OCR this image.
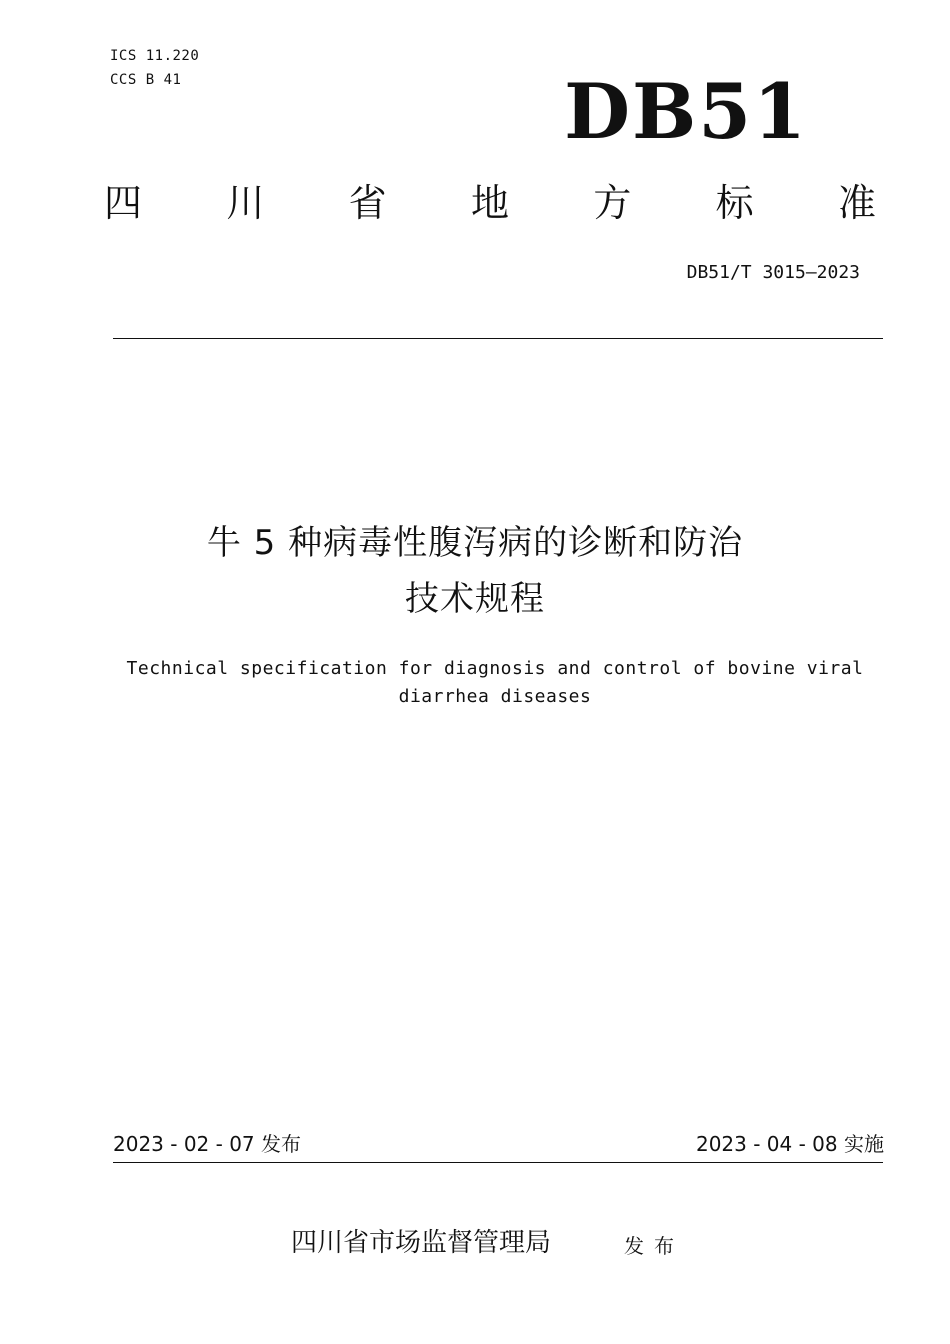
ICS 11.220
CCS B 41	DB51
四 川 省 地 方 标 准
DB51/T 3015—2023
牛 5 种病毒性腹泻病的诊断和防治
技术规程
Technical specification for diagnosis and control of bovine viral
diarrhea diseases
2023 - 02 - 07 发布	2023 - 04 - 08 实施
四川省市场监督管理局	发布
